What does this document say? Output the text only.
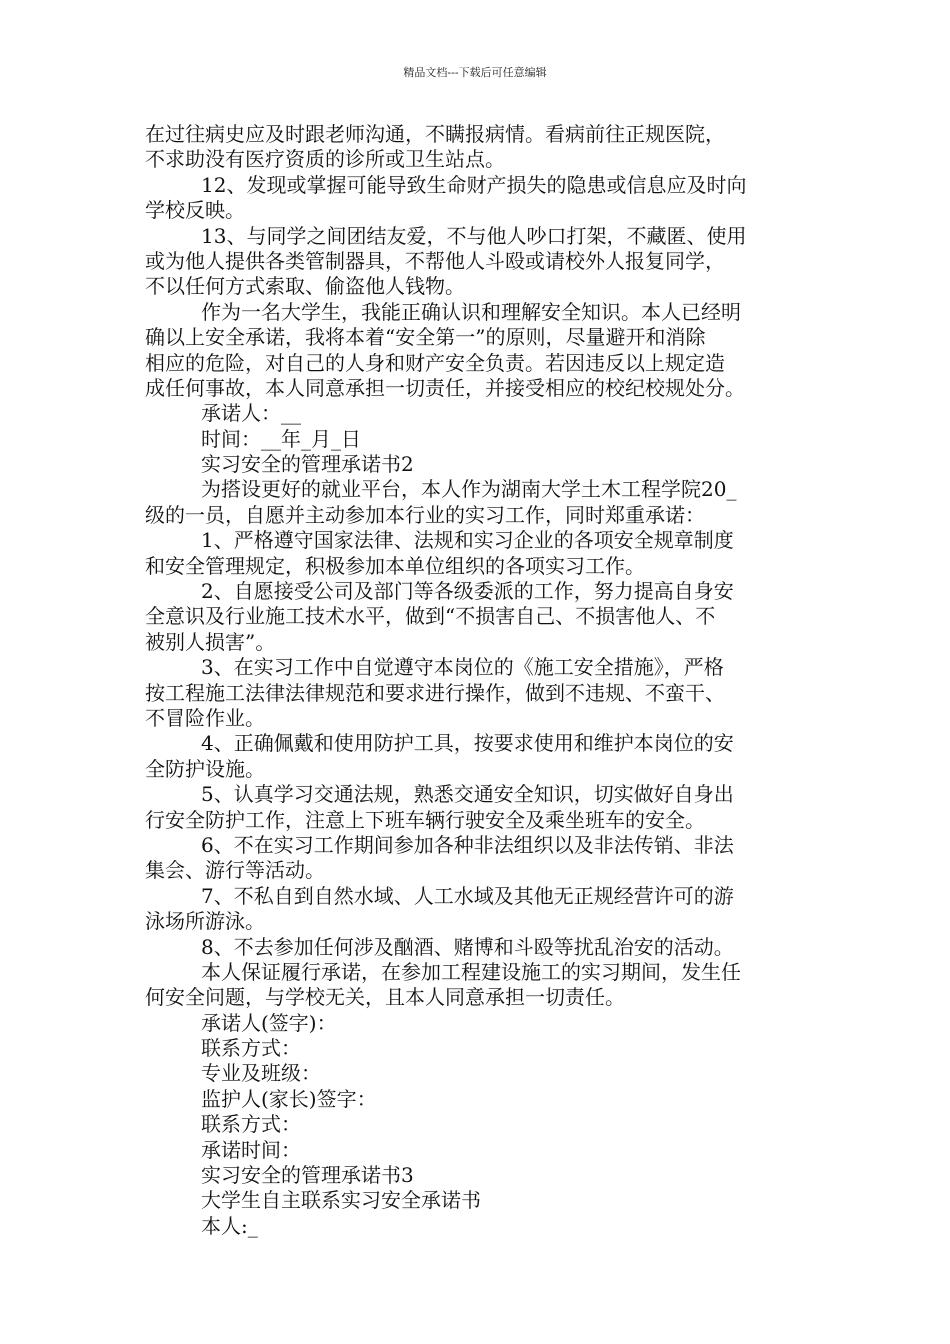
精品文档---下载后可任意编辑
在过往病史应及时跟老师沟通，不瞒报病情。看病前往正规医院，
不求助没有医疗资质的诊所或卫生站点。
12、发现或掌握可能导致生命财产损失的隐患或信息应及时向
学校反映。
13、与同学之间团结友爱，不与他人吵口打架，不藏匿、使用
或为他人提供各类管制器具，不帮他人斗殴或请校外人报复同学，
不以任何方式索取、偷盗他人钱物。
作为一名大学生，我能正确认识和理解安全知识。本人已经明
确以上安全承诺，我将本着“安全第一”的原则，尽量避开和消除
相应的危险，对自己的人身和财产安全负责。若因违反以上规定造
成任何事故，本人同意承担一切责任，并接受相应的校纪校规处分。
承诺人：__
时间：__年_月_日
实习安全的管理承诺书2
为搭设更好的就业平台，本人作为湖南大学土木工程学院20_
级的一员，自愿并主动参加本行业的实习工作，同时郑重承诺：
1、严格遵守国家法律、法规和实习企业的各项安全规章制度
和安全管理规定，积极参加本单位组织的各项实习工作。
2、自愿接受公司及部门等各级委派的工作，努力提高自身安
全意识及行业施工技术水平，做到“不损害自己、不损害他人、不
被别人损害”。
3、在实习工作中自觉遵守本岗位的《施工安全措施》，严格
按工程施工法律法律规范和要求进行操作，做到不违规、不蛮干、
不冒险作业。
4、正确佩戴和使用防护工具，按要求使用和维护本岗位的安
全防护设施。
5、认真学习交通法规，熟悉交通安全知识，切实做好自身出
行安全防护工作，注意上下班车辆行驶安全及乘坐班车的安全。
6、不在实习工作期间参加各种非法组织以及非法传销、非法
集会、游行等活动。
7、不私自到自然水域、人工水域及其他无正规经营许可的游
泳场所游泳。
8、不去参加任何涉及酗酒、赌博和斗殴等扰乱治安的活动。
本人保证履行承诺，在参加工程建设施工的实习期间，发生任
何安全问题，与学校无关，且本人同意承担一切责任。
承诺人(签字)：
联系方式：
专业及班级：
监护人(家长)签字：
联系方式：
承诺时间：
实习安全的管理承诺书3
大学生自主联系实习安全承诺书
本人:_
